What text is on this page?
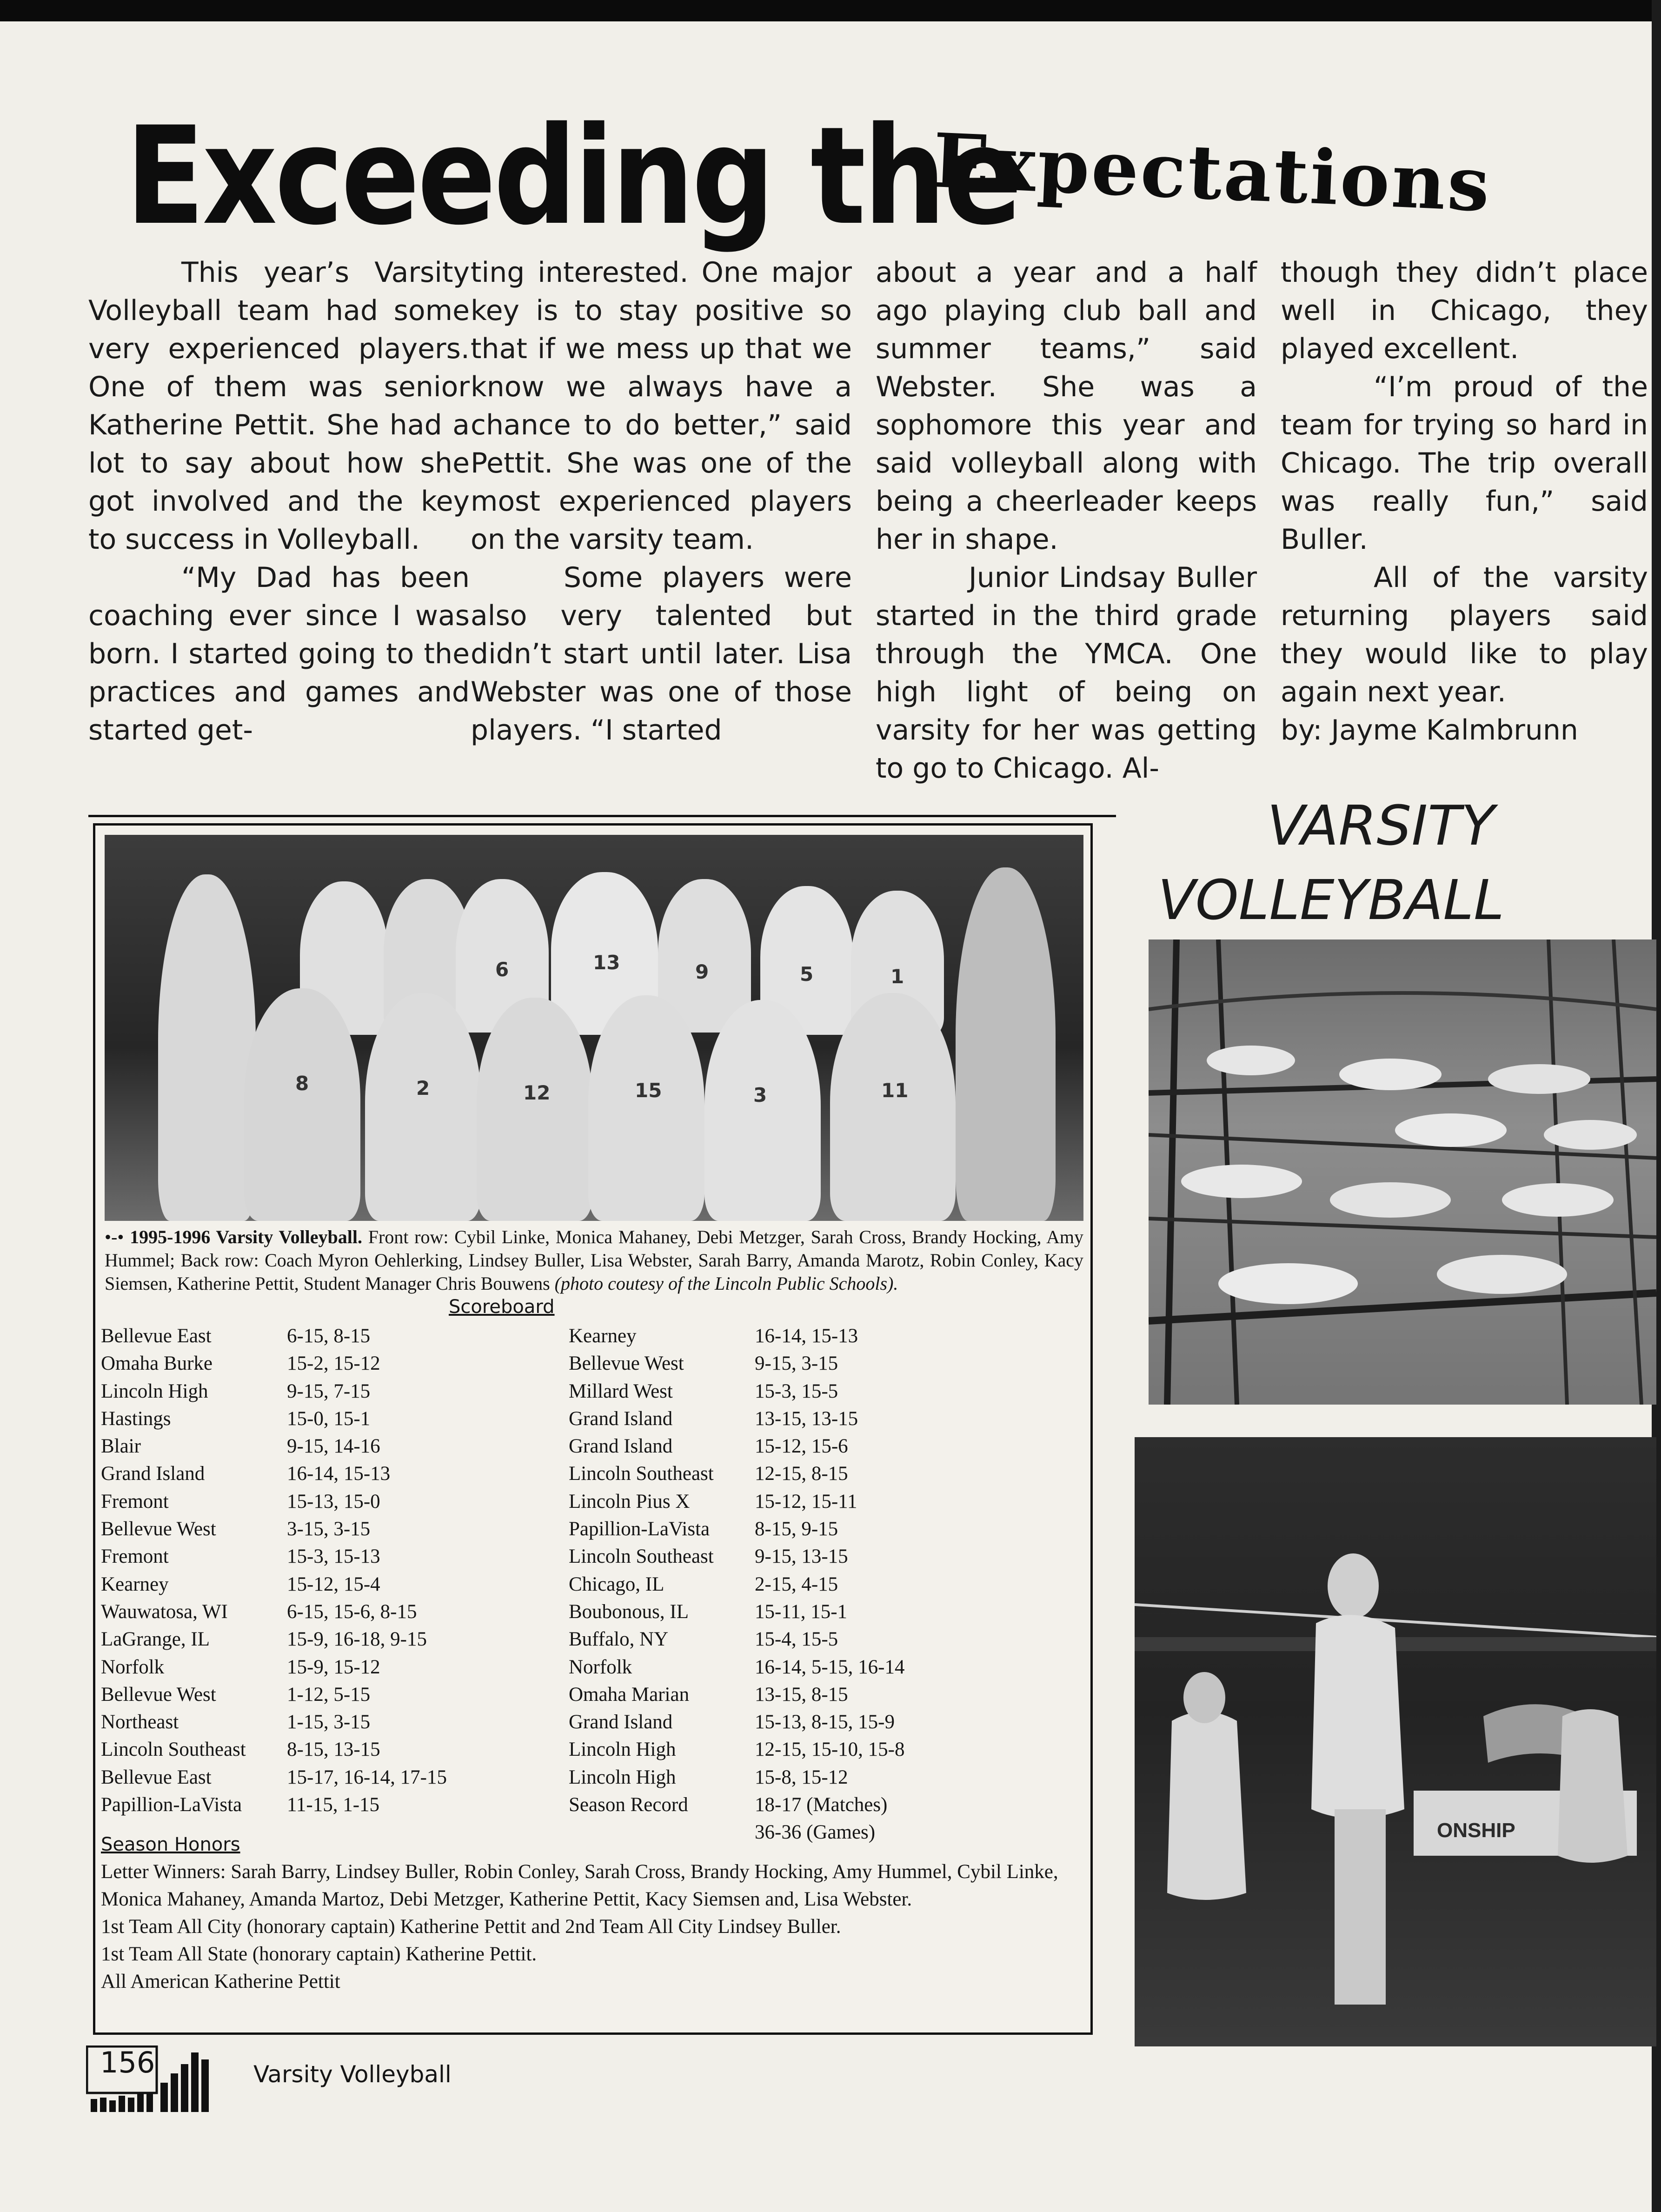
Exceeding the
Expectations

This year’s Varsity Volleyball team had some very experienced players. One of them was senior Katherine Pettit. She had a lot to say about how she got involved and the key to success in Volleyball.

“My Dad has been coaching ever since I was born. I started going to the practices and games and started get-

ting interested. One major key is to stay positive so that if we mess up that we know we always have a chance to do better,” said Pettit. She was one of the most experienced players on the varsity team.

Some players were also very talented but didn’t start until later. Lisa Webster was one of those players. “I started

about a year and a half ago playing club ball and summer teams,” said Webster. She was a sophomore this year and said volleyball along with being a cheerleader keeps her in shape.

Junior Lindsay Buller started in the third grade through the YMCA. One high light of being on varsity for her was getting to go to Chicago. Al-

though they didn’t place well in Chicago, they played excellent.

“I’m proud of the team for trying so hard in Chicago. The trip overall was really fun,” said Buller.

All of the varsity returning players said they would like to play again next year.

by: Jayme Kalmbrunn

6	13	9	5	1
8	2	12	15	3	11
•-• 1995-1996 Varsity Volleyball. Front row: Cybil Linke, Monica Mahaney, Debi Metzger, Sarah Cross, Brandy Hocking, Amy Hummel; Back row: Coach Myron Oehlerking, Lindsey Buller, Lisa Webster, Sarah Barry, Amanda Marotz, Robin Conley, Kacy Siemsen, Katherine Pettit, Student Manager Chris Bouwens (photo coutesy of the Lincoln Public Schools).
Scoreboard
Bellevue East	6-15, 8-15
Omaha Burke	15-2, 15-12
Lincoln High	9-15, 7-15
Hastings	15-0, 15-1
Blair	9-15, 14-16
Grand Island	16-14, 15-13
Fremont	15-13, 15-0
Bellevue West	3-15, 3-15
Fremont	15-3, 15-13
Kearney	15-12, 15-4
Wauwatosa, WI	6-15, 15-6, 8-15
LaGrange, IL	15-9, 16-18, 9-15
Norfolk	15-9, 15-12
Bellevue West	1-12, 5-15
Northeast	1-15, 3-15
Lincoln Southeast	8-15, 13-15
Bellevue East	15-17, 16-14, 17-15
Papillion-LaVista	11-15, 1-15
Kearney	16-14, 15-13
Bellevue West	9-15, 3-15
Millard West	15-3, 15-5
Grand Island	13-15, 13-15
Grand Island	15-12, 15-6
Lincoln Southeast	12-15, 8-15
Lincoln Pius X	15-12, 15-11
Papillion-LaVista	8-15, 9-15
Lincoln Southeast	9-15, 13-15
Chicago, IL	2-15, 4-15
Boubonous, IL	15-11, 15-1
Buffalo, NY	15-4, 15-5
Norfolk	16-14, 5-15, 16-14
Omaha Marian	13-15, 8-15
Grand Island	15-13, 8-15, 15-9
Lincoln High	12-15, 15-10, 15-8
Lincoln High	15-8, 15-12
Season Record	18-17 (Matches)
36-36 (Games)
Season Honors

Letter Winners: Sarah Barry, Lindsey Buller, Robin Conley, Sarah Cross, Brandy Hocking, Amy Hummel, Cybil Linke, Monica Mahaney, Amanda Martoz, Debi Metzger, Katherine Pettit, Kacy Siemsen and, Lisa Webster.

1st Team All City (honorary captain) Katherine Pettit and 2nd Team All City Lindsey Buller.

1st Team All State (honorary captain) Katherine Pettit.

All American Katherine Pettit

VARSITY
VOLLEYBALL
ONSHIP
156	Varsity Volleyball
